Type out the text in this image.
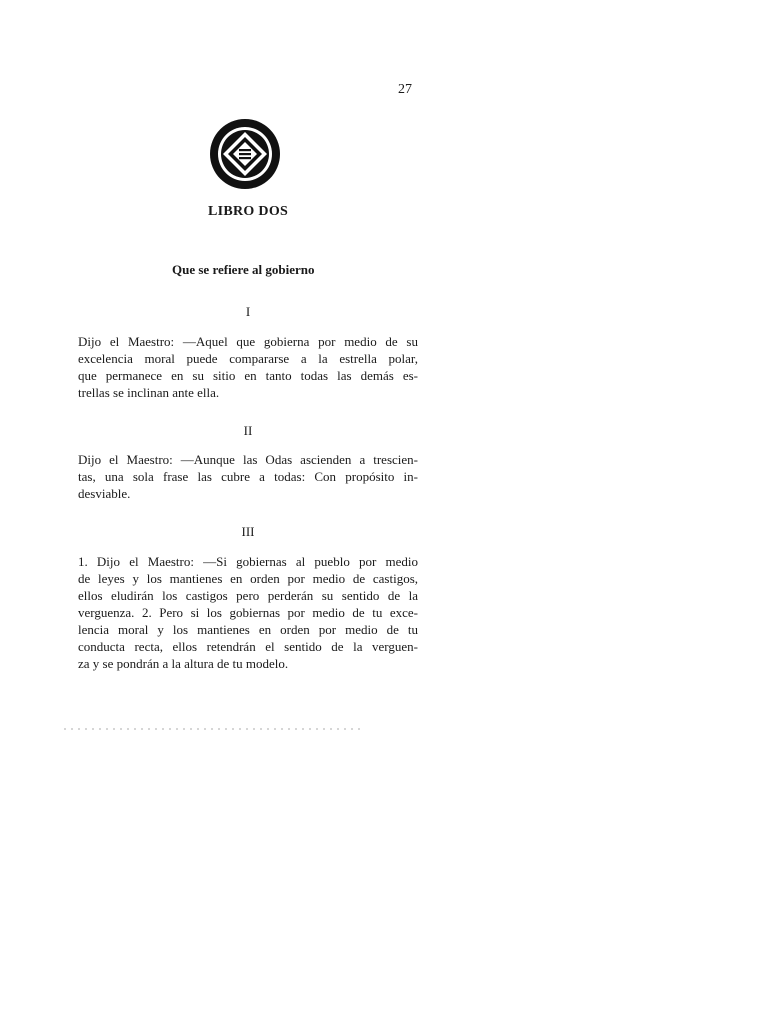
27
LIBRO DOS
Que se refiere al gobierno
I
Dijo el Maestro: —Aquel que gobierna por medio de su
excelencia moral puede compararse a la estrella polar,
que permanece en su sitio en tanto todas las demás es-
trellas se inclinan ante ella.
II
Dijo el Maestro: —Aunque las Odas ascienden a trescien-
tas, una sola frase las cubre a todas: Con propósito in-
desviable.
III
1. Dijo el Maestro: —Si gobiernas al pueblo por medio
de leyes y los mantienes en orden por medio de castigos,
ellos eludirán los castigos pero perderán su sentido de la
verguenza. 2. Pero si los gobiernas por medio de tu exce-
lencia moral y los mantienes en orden por medio de tu
conducta recta, ellos retendrán el sentido de la verguen-
za y se pondrán a la altura de tu modelo.
